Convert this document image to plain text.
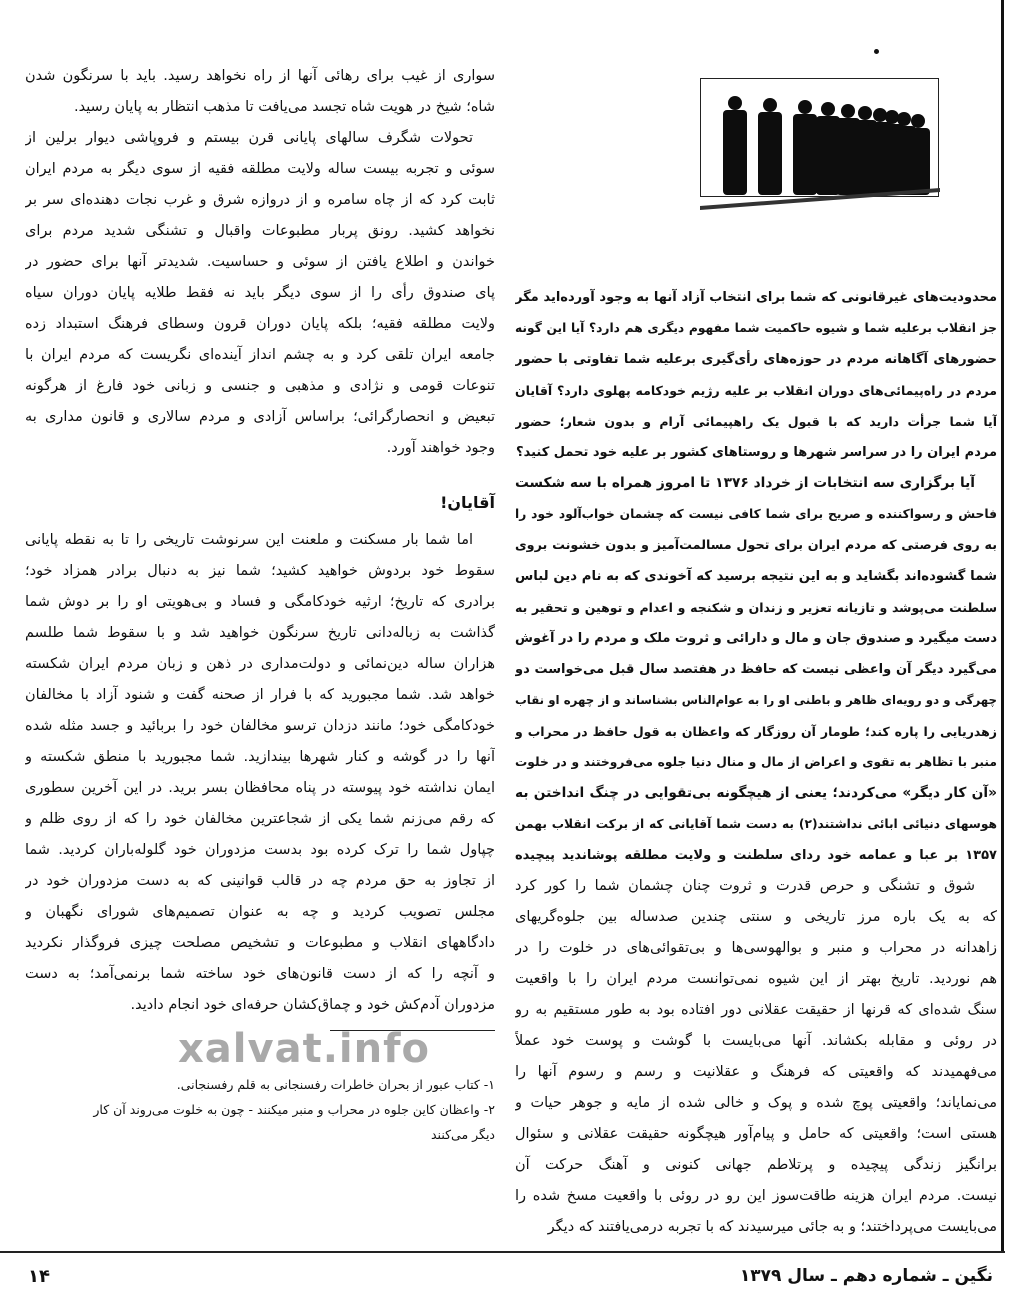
سواری از غیب برای رهائی آنها از راه نخواهد رسید. باید با سرنگون شدن
شاه؛ شیخ در هویت شاه تجسد می‌یافت تا مذهب انتظار به پایان رسید.
تحولات شگرف سالهای پایانی قرن بیستم و فروپاشی دیوار برلین از
سوئی و تجربه بیست ساله ولایت مطلقه فقیه از سوی دیگر به مردم ایران
ثابت کرد که از چاه سامره و از دروازه شرق و غرب نجات دهنده‌ای سر بر
نخواهد کشید. رونق پربار مطبوعات واقبال و تشنگی شدید مردم برای
خواندن و اطلاع یافتن از سوئی و حساسیت. شدیدتر آنها برای حضور در
پای صندوق رأی را از سوی دیگر باید نه فقط طلایه پایان دوران سیاه
ولایت مطلقه فقیه؛ بلکه پایان دوران قرون وسطای فرهنگ استبداد زده
جامعه ایران تلقی کرد و به چشم انداز آینده‌ای نگریست که مردم ایران با
تنوعات قومی و نژادی و مذهبی و جنسی و زبانی خود فارغ از هرگونه
تبعیض و انحصارگرائی؛ براساس آزادی و مردم سالاری و قانون مداری به
وجود خواهند آورد.
آقایان!
اما شما بار مسکنت و ملعنت این سرنوشت تاریخی را تا به نقطه پایانی
سقوط خود بردوش خواهید کشید؛ شما نیز به دنبال برادر همزاد خود؛
برادری که تاریخ؛ ارثیه خودکامگی و فساد و بی‌هویتی او را بر دوش شما
گذاشت به زباله‌دانی تاریخ سرنگون خواهید شد و با سقوط شما طلسم
هزاران ساله دین‌نمائی و دولت‌مداری در ذهن و زبان مردم ایران شکسته
خواهد شد. شما مجبورید که با فرار از صحنه گفت و شنود آزاد با مخالفان
خودکامگی خود؛ مانند دزدان ترسو مخالفان خود را بربائید و جسد مثله شده
آنها را در گوشه و کنار شهرها بیندازید. شما مجبورید با منطق شکسته و
ایمان نداشته خود پیوسته در پناه محافظان بسر برید. در این آخرین سطوری
که رقم می‌زنم شما یکی از شجاعترین مخالفان خود را که از روی ظلم و
چپاول شما را ترک کرده بود بدست مزدوران خود گلوله‌باران کردید. شما
از تجاوز به حق مردم چه در قالب قوانینی که به دست مزدوران خود در
مجلس تصویب کردید و چه به عنوان تصمیم‌های شورای نگهبان و
دادگاههای انقلاب و مطبوعات و تشخیص مصلحت چیزی فروگذار نکردید
و آنچه را که از دست قانون‌های خود ساخته شما برنمی‌آمد؛ به دست
مزدوران آدم‌کش خود و چماق‌کشان حرفه‌ای خود انجام دادید.
محدودیت‌های غیرقانونی که شما برای انتخاب آزاد آنها به وجود آورده‌اید مگر
جز انقلاب برعلیه شما و شیوه حاکمیت شما مفهوم دیگری هم دارد؟ آیا این گونه
حضورهای آگاهانه مردم در حوزه‌های رأی‌گیری برعلیه شما تفاوتی با حضور
مردم در راه‌پیمائی‌های دوران انقلاب بر علیه رژیم خودکامه پهلوی دارد؟ آقایان
آیا شما جرأت دارید که با قبول یک راهپیمائی آرام و بدون شعار؛ حضور
مردم ایران را در سراسر شهرها و روستاهای کشور بر علیه خود تحمل کنید؟
آیا برگزاری سه انتخابات از خرداد ۱۳۷۶ تا امروز همراه با سه شکست
فاحش و رسواکننده و صریح برای شما کافی نیست که چشمان خواب‌آلود خود را
به روی فرصتی که مردم ایران برای تحول مسالمت‌آمیز و بدون خشونت بروی
شما گشوده‌اند بگشاید و به این نتیجه برسید که آخوندی که به نام دین لباس
سلطنت می‌پوشد و تازیانه تعزیر و زندان و شکنجه و اعدام و توهین و تحقیر به
دست میگیرد و صندوق جان و مال و دارائی و ثروت ملک و مردم را در آغوش
می‌گیرد دیگر آن واعظی نیست که حافظ در هفتصد سال قبل می‌خواست دو
چهرگی و دو رویه‌ای ظاهر و باطنی او را به عوام‌الناس بشناساند و از چهره او نقاب
زهدریایی را پاره کند؛ طومار آن روزگار که واعظان به قول حافظ در محراب و
منبر با تظاهر به تقوی و اعراض از مال و منال دنیا جلوه می‌فروختند و در خلوت
«آن کار دیگر» می‌کردند؛ یعنی از هیچگونه بی‌تقوایی در چنگ انداختن به
هوسهای دنیائی ابائی نداشتند(۲) به دست شما آقایانی که از برکت انقلاب بهمن
۱۳۵۷ بر عبا و عمامه خود ردای سلطنت و ولایت مطلقه پوشاندید پیچیده
شوق و تشنگی و حرص قدرت و ثروت چنان چشمان شما را کور کرد
که به یک باره مرز تاریخی و سنتی چندین صدساله بین جلوه‌گریهای
زاهدانه در محراب و منبر و بوالهوسی‌ها و بی‌تقوائی‌های در خلوت را در
هم نوردید. تاریخ بهتر از این شیوه نمی‌توانست مردم ایران را با واقعیت
سنگ شده‌ای که قرنها از حقیقت عقلانی دور افتاده بود به طور مستقیم به رو
در روئی و مقابله بکشاند. آنها می‌بایست با گوشت و پوست خود عملاً
می‌فهمیدند که واقعیتی که فرهنگ و عقلانیت و رسم و رسوم آنها را
می‌نمایاند؛ واقعیتی پوچ شده و پوک و خالی شده از مایه و جوهر حیات و
هستی است؛ واقعیتی که حامل و پیام‌آور هیچگونه حقیقت عقلانی و سئوال
برانگیز زندگی پیچیده و پرتلاطم جهانی کنونی و آهنگ حرکت آن
نیست. مردم ایران هزینه طاقت‌سوز این رو در روئی با واقعیت مسخ شده را
می‌بایست می‌پرداختند؛ و به جائی میرسیدند که با تجربه درمی‌یافتند که دیگر
xalvat.info
۱- کتاب عبور از بحران خاطرات رفسنجانی به قلم رفسنجانی.
۲- واعظان کاین جلوه در محراب و منبر میکنند - چون به خلوت می‌روند آن کار
دیگر می‌کنند
۱۴	نگین ـ شماره دهم ـ سال ۱۳۷۹
